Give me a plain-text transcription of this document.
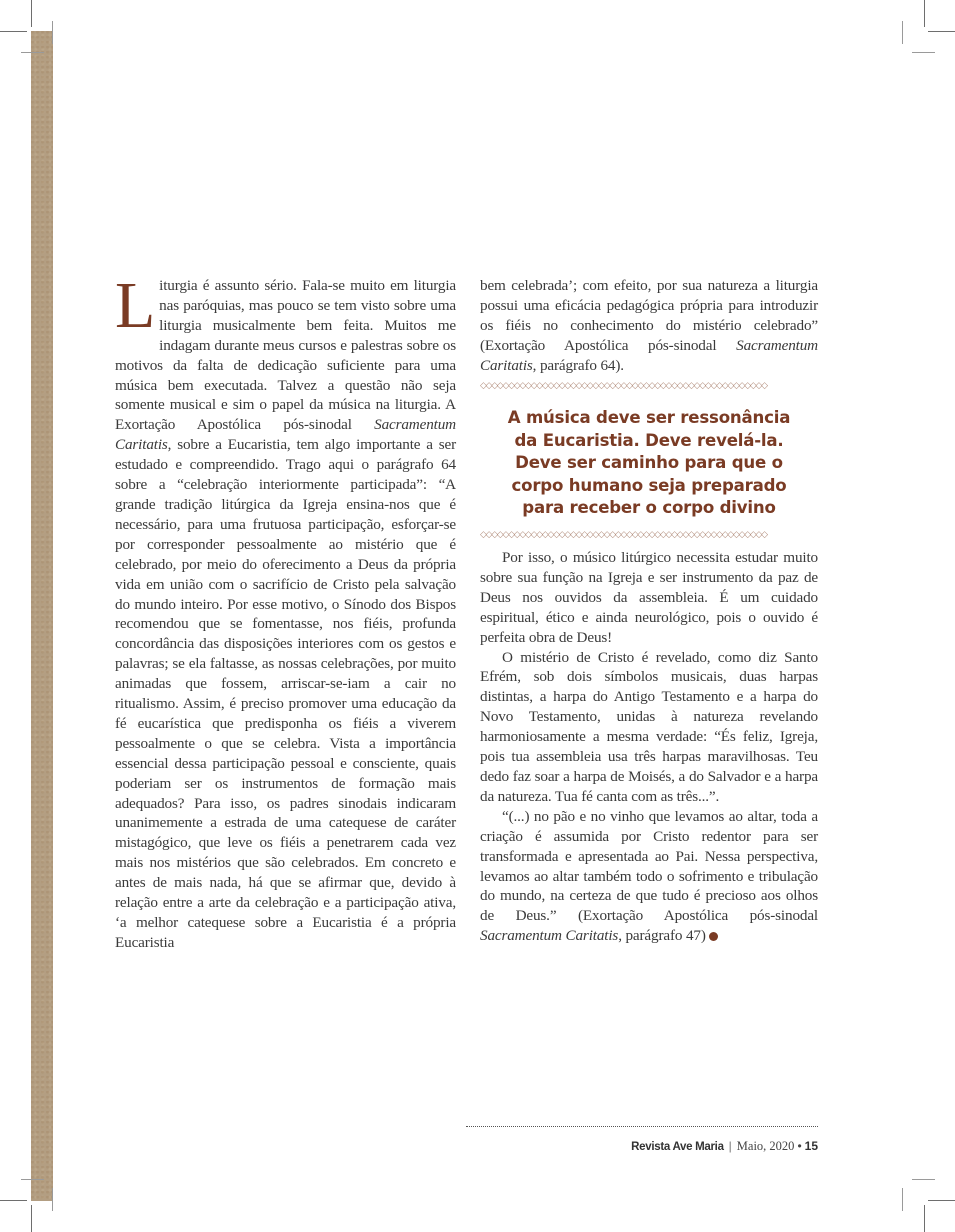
Liturgia é assunto sério. Fala-se muito em liturgia nas paróquias, mas pouco se tem visto sobre uma liturgia musicalmente bem feita. Muitos me indagam durante meus cursos e palestras sobre os motivos da falta de dedicação suficiente para uma música bem executada. Talvez a questão não seja somente musical e sim o papel da música na liturgia. A Exortação Apostólica pós-sinodal Sacramentum Caritatis, sobre a Eucaristia, tem algo importante a ser estudado e compreendido. Trago aqui o parágrafo 64 sobre a “celebração interiormente participada”: “A grande tradição litúrgica da Igreja ensina-nos que é necessário, para uma frutuosa participação, esforçar-se por corresponder pessoalmente ao mistério que é celebrado, por meio do oferecimento a Deus da própria vida em união com o sacrifício de Cristo pela salvação do mundo inteiro. Por esse motivo, o Sínodo dos Bispos recomendou que se fomentasse, nos fiéis, profunda concordância das disposições interiores com os gestos e palavras; se ela faltasse, as nossas celebrações, por muito animadas que fossem, arriscar-se-iam a cair no ritualismo. Assim, é preciso promover uma educação da fé eucarística que predisponha os fiéis a viverem pessoalmente o que se celebra. Vista a importância essencial dessa participação pessoal e consciente, quais poderiam ser os instrumentos de formação mais adequados? Para isso, os padres sinodais indicaram unanimemente a estrada de uma catequese de caráter mistagógico, que leve os fiéis a penetrarem cada vez mais nos mistérios que são celebrados. Em concreto e antes de mais nada, há que se afirmar que, devido à relação entre a arte da celebração e a participação ativa, ‘a melhor catequese sobre a Eucaristia é a própria Eucaristia

bem celebrada’; com efeito, por sua natureza a liturgia possui uma eficácia pedagógica própria para introduzir os fiéis no conhecimento do mistério celebrado” (Exortação Apostólica pós-sinodal Sacramentum Caritatis, parágrafo 64).

◇◇◇◇◇◇◇◇◇◇◇◇◇◇◇◇◇◇◇◇◇◇◇◇◇◇◇◇◇◇◇◇◇◇◇◇◇◇◇◇◇◇◇◇◇◇◇◇◇◇◇
A música deve ser ressonância
da Eucaristia. Deve revelá-la.
Deve ser caminho para que o
corpo humano seja preparado
para receber o corpo divino
◇◇◇◇◇◇◇◇◇◇◇◇◇◇◇◇◇◇◇◇◇◇◇◇◇◇◇◇◇◇◇◇◇◇◇◇◇◇◇◇◇◇◇◇◇◇◇◇◇◇◇

Por isso, o músico litúrgico necessita estudar muito sobre sua função na Igreja e ser instrumento da paz de Deus nos ouvidos da assembleia. É um cuidado espiritual, ético e ainda neurológico, pois o ouvido é perfeita obra de Deus!

O mistério de Cristo é revelado, como diz Santo Efrém, sob dois símbolos musicais, duas harpas distintas, a harpa do Antigo Testamento e a harpa do Novo Testamento, unidas à natureza revelando harmoniosamente a mesma verdade: “És feliz, Igreja, pois tua assembleia usa três harpas maravilhosas. Teu dedo faz soar a harpa de Moisés, a do Salvador e a harpa da natureza. Tua fé canta com as três...”.

“(...) no pão e no vinho que levamos ao altar, toda a criação é assumida por Cristo redentor para ser transformada e apresentada ao Pai. Nessa perspectiva, levamos ao altar também todo o sofrimento e tribulação do mundo, na certeza de que tudo é precioso aos olhos de Deus.” (Exortação Apostólica pós-sinodal Sacramentum Caritatis, parágrafo 47)

Revista Ave Maria | Maio, 2020 • 15
